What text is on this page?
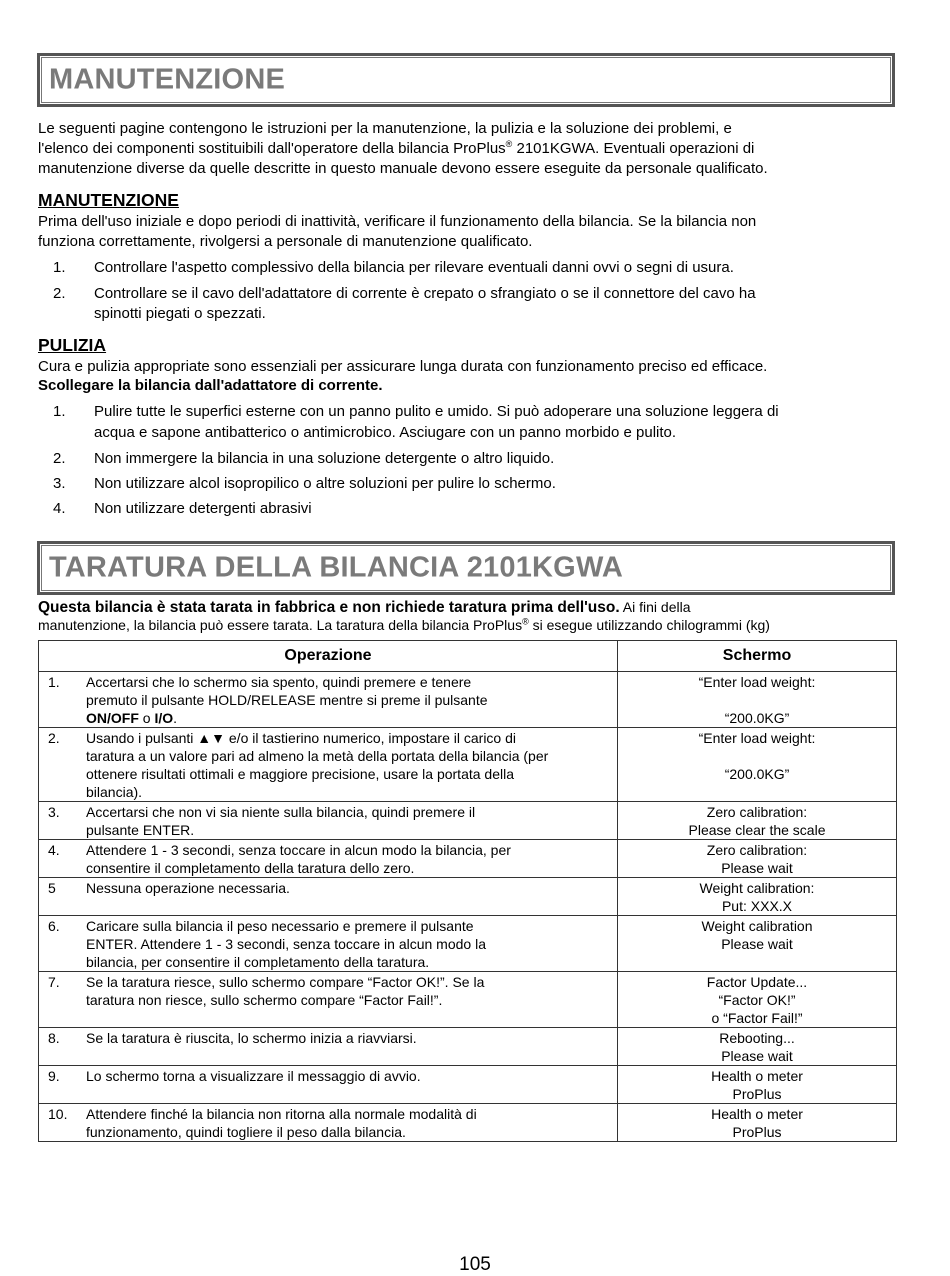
MANUTENZIONE
Le seguenti pagine contengono le istruzioni per la manutenzione, la pulizia e la soluzione dei problemi, e
l'elenco dei componenti sostituibili dall'operatore della bilancia ProPlus® 2101KGWA. Eventuali operazioni di
manutenzione diverse da quelle descritte in questo manuale devono essere eseguite da personale qualificato.
MANUTENZIONE
Prima dell'uso iniziale e dopo periodi di inattività, verificare il funzionamento della bilancia. Se la bilancia non
funziona correttamente, rivolgersi a personale di manutenzione qualificato.
1. Controllare l'aspetto complessivo della bilancia per rilevare eventuali danni ovvi o segni di usura.
2. Controllare se il cavo dell'adattatore di corrente è crepato o sfrangiato o se il connettore del cavo ha
spinotti piegati o spezzati.
PULIZIA
Cura e pulizia appropriate sono essenziali per assicurare lunga durata con funzionamento preciso ed efficace.
Scollegare la bilancia dall'adattatore di corrente.
1. Pulire tutte le superfici esterne con un panno pulito e umido. Si può adoperare una soluzione leggera di
acqua e sapone antibatterico o antimicrobico. Asciugare con un panno morbido e pulito.
2. Non immergere la bilancia in una soluzione detergente o altro liquido.
3. Non utilizzare alcol isopropilico o altre soluzioni per pulire lo schermo.
4. Non utilizzare detergenti abrasivi
TARATURA DELLA BILANCIA 2101KGWA
Questa bilancia è stata tarata in fabbrica e non richiede taratura prima dell'uso. Ai fini della
manutenzione, la bilancia può essere tarata. La taratura della bilancia ProPlus® si esegue utilizzando chilogrammi (kg)
Operazione	Schermo

1. Accertarsi che lo schermo sia spento, quindi premere e tenere
premuto il pulsante HOLD/RELEASE mentre si preme il pulsante
ON/OFF o I/O.	“Enter load weight:

“200.0KG”

2. Usando i pulsanti ▲▼ e/o il tastierino numerico, impostare il carico di
taratura a un valore pari ad almeno la metà della portata della bilancia (per
ottenere risultati ottimali e maggiore precisione, usare la portata della
bilancia).	“Enter load weight:

“200.0KG”

3. Accertarsi che non vi sia niente sulla bilancia, quindi premere il
pulsante ENTER.	Zero calibration:
Please clear the scale

4. Attendere 1 - 3 secondi, senza toccare in alcun modo la bilancia, per
consentire il completamento della taratura dello zero.	Zero calibration:
Please wait

5 Nessuna operazione necessaria.	Weight calibration:
Put: XXX.X

6. Caricare sulla bilancia il peso necessario e premere il pulsante
ENTER. Attendere 1 - 3 secondi, senza toccare in alcun modo la
bilancia, per consentire il completamento della taratura.	Weight calibration
Please wait

7. Se la taratura riesce, sullo schermo compare “Factor OK!”. Se la
taratura non riesce, sullo schermo compare “Factor Fail!”.	Factor Update...
“Factor OK!”
o “Factor Fail!”

8. Se la taratura è riuscita, lo schermo inizia a riavviarsi.	Rebooting...
Please wait

9. Lo schermo torna a visualizzare il messaggio di avvio.	Health o meter
ProPlus

10. Attendere finché la bilancia non ritorna alla normale modalità di
funzionamento, quindi togliere il peso dalla bilancia.	Health o meter
ProPlus
105
